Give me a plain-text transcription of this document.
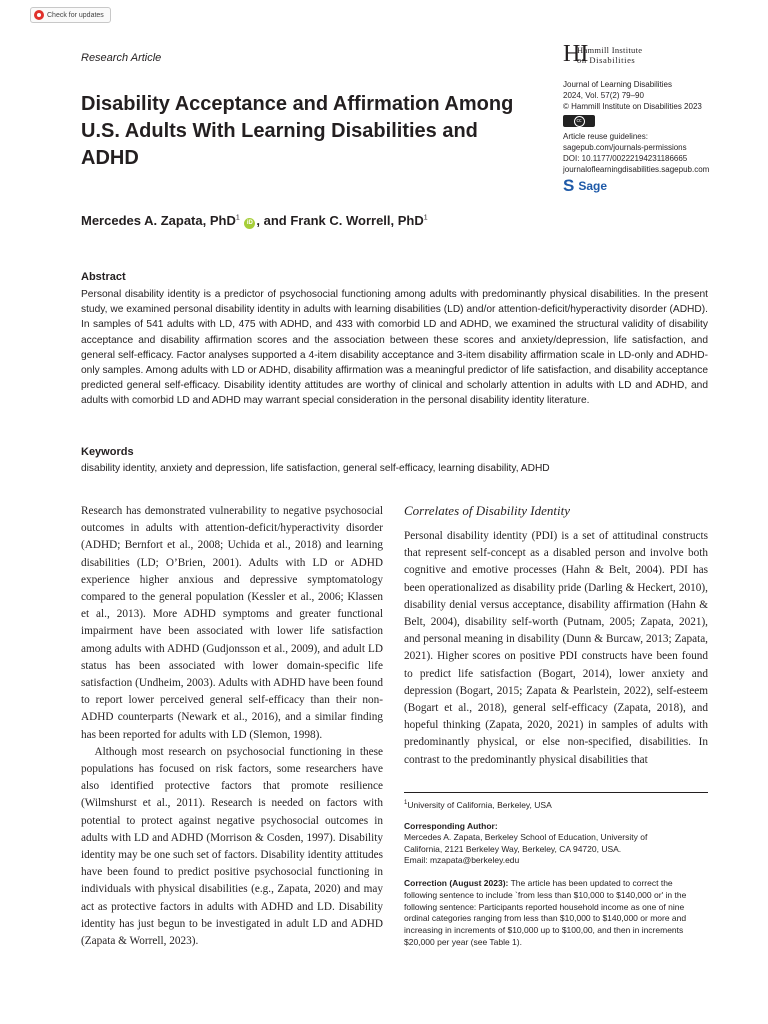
Check for updates
Research Article	HI
Hammill Institute
on Disabilities
Journal of Learning Disabilities
2024, Vol. 57(2) 79–90
© Hammill Institute on Disabilities 2023
cc
Article reuse guidelines:
sagepub.com/journals-permissions
DOI: 10.1177/00222194231186665
journaloflearningdisabilities.sagepub.com
S Sage
Disability Acceptance and Affirmation Among U.S. Adults With Learning Disabilities and ADHD
Mercedes A. Zapata, PhD$^1$ iD , and Frank C. Worrell, PhD$^1$
Abstract
Personal disability identity is a predictor of psychosocial functioning among adults with predominantly physical disabilities. In the present study, we examined personal disability identity in adults with learning disabilities (LD) and/or attention-deficit/hyperactivity disorder (ADHD). In samples of 541 adults with LD, 475 with ADHD, and 433 with comorbid LD and ADHD, we examined the structural validity of disability acceptance and disability affirmation scores and the association between these scores and anxiety/depression, life satisfaction, and general self-efficacy. Factor analyses supported a 4-item disability acceptance and 3-item disability affirmation scale in LD-only and ADHD-only samples. Among adults with LD or ADHD, disability affirmation was a meaningful predictor of life satisfaction, and disability acceptance predicted general self-efficacy. Disability identity attitudes are worthy of clinical and scholarly attention in adults with LD and ADHD, and adults with comorbid LD and ADHD may warrant special consideration in the personal disability identity literature.
Keywords
disability identity, anxiety and depression, life satisfaction, general self-efficacy, learning disability, ADHD

Research has demonstrated vulnerability to negative psychosocial outcomes in adults with attention-deficit/hyperactivity disorder (ADHD; Bernfort et al., 2008; Uchida et al., 2018) and learning disabilities (LD; O’Brien, 2001). Adults with LD or ADHD experience higher anxious and depressive symptomatology compared to the general population (Kessler et al., 2006; Klassen et al., 2013). More ADHD symptoms and greater functional impairment have been associated with lower life satisfaction among adults with ADHD (Gudjonsson et al., 2009), and adult LD status has been associated with lower domain-specific life satisfaction (Undheim, 2003). Adults with ADHD have been found to report lower perceived general self-efficacy than their non-ADHD counterparts (Newark et al., 2016), and a similar finding has been reported for adults with LD (Slemon, 1998).

Although most research on psychosocial functioning in these populations has focused on risk factors, some researchers have also identified protective factors that promote resilience (Wilmshurst et al., 2011). Research is needed on factors with potential to protect against negative psychosocial outcomes in adults with LD and ADHD (Morrison & Cosden, 1997). Disability identity may be one such set of factors. Disability identity attitudes have been found to predict positive psychosocial functioning in individuals with physical disabilities (e.g., Zapata, 2020) and may act as protective factors in adults with ADHD and LD. Disability identity has just begun to be investigated in adult LD and ADHD (Zapata & Worrell, 2023).

Correlates of Disability Identity

Personal disability identity (PDI) is a set of attitudinal constructs that represent self-concept as a disabled person and involve both cognitive and emotive processes (Hahn & Belt, 2004). PDI has been operationalized as disability pride (Darling & Heckert, 2010), disability denial versus acceptance, disability affirmation (Hahn & Belt, 2004), disability self-worth (Putnam, 2005; Zapata, 2021), and personal meaning in disability (Dunn & Burcaw, 2013; Zapata, 2021). Higher scores on positive PDI constructs have been found to predict life satisfaction (Bogart, 2014), lower anxiety and depression (Bogart, 2015; Zapata & Pearlstein, 2022), self-esteem (Bogart et al., 2018), general self-efficacy (Zapata, 2018), and hopeful thinking (Zapata, 2020, 2021) in samples of adults with predominantly physical, or else non-specified, disabilities. In contrast to the predominantly physical disabilities that

$^1$University of California, Berkeley, USA
Corresponding Author:
Mercedes A. Zapata, Berkeley School of Education, University of
California, 2121 Berkeley Way, Berkeley, CA 94720, USA.
Email: mzapata@berkeley.edu
Correction (August 2023): The article has been updated to correct the following sentence to include `from less than $10,000 to $140,000 or' in the following sentence: Participants reported household income as one of nine ordinal categories ranging from less than $10,000 to $140,000 or more and increasing in increments of $10,000 up to $100,00, and then in increments $20,000 per year (see Table 1).
